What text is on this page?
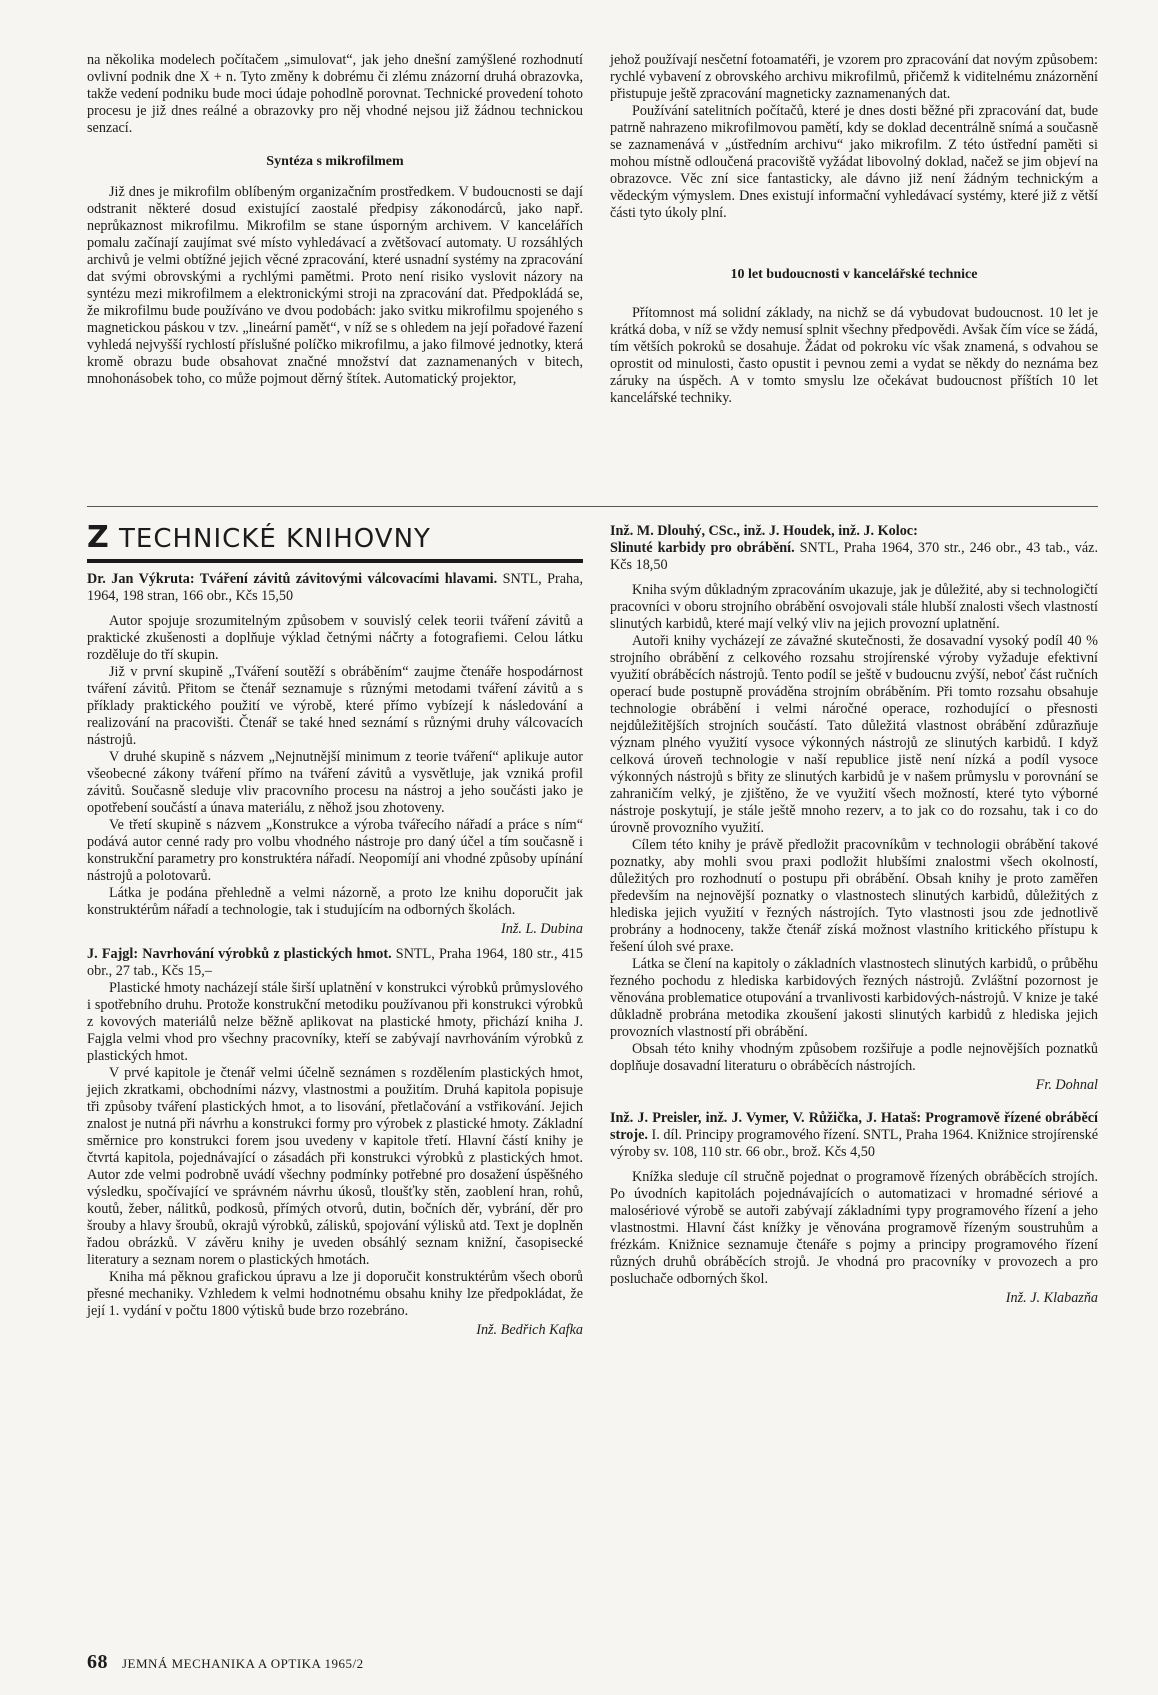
na několika modelech počítačem „simulovat“, jak jeho dnešní zamýšlené rozhodnutí ovlivní podnik dne X + n. Tyto změny k dobrému či zlému znázorní druhá obrazovka, takže vedení podniku bude moci údaje pohodlně porovnat. Technické provedení tohoto procesu je již dnes reálné a obrazovky pro něj vhodné nejsou již žádnou technickou senzací.

Syntéza s mikrofilmem

Již dnes je mikrofilm oblíbeným organizačním prostředkem. V budoucnosti se dají odstranit některé dosud existující zaostalé předpisy zákonodárců, jako např. neprůkaznost mikrofilmu. Mikrofilm se stane úsporným archivem. V kancelářích pomalu začínají zaujímat své místo vyhledávací a zvětšovací automaty. U rozsáhlých archivů je velmi obtížné jejich věcné zpracování, které usnadní systémy na zpracování dat svými obrovskými a rychlými pamětmi. Proto není risiko vyslovit názory na syntézu mezi mikrofilmem a elektronickými stroji na zpracování dat. Předpokládá se, že mikrofilmu bude používáno ve dvou podobách: jako svitku mikrofilmu spojeného s magnetickou páskou v tzv. „lineární pamět“, v níž se s ohledem na její pořadové řazení vyhledá nejvyšší rychlostí příslušné políčko mikrofilmu, a jako filmové jednotky, která kromě obrazu bude obsahovat značné množství dat zaznamenaných v bitech, mnohonásobek toho, co může pojmout děrný štítek. Automatický projektor,

jehož používají nesčetní fotoamatéři, je vzorem pro zpracování dat novým způsobem: rychlé vybavení z obrovského archivu mikrofilmů, přičemž k viditelnému znázornění přistupuje ještě zpracování magneticky zaznamenaných dat.

Používání satelitních počítačů, které je dnes dosti běžné při zpracování dat, bude patrně nahrazeno mikrofilmovou pamětí, kdy se doklad decentrálně snímá a současně se zaznamenává v „ústředním archivu“ jako mikrofilm. Z této ústřední paměti si mohou místně odloučená pracoviště vyžádat libovolný doklad, načež se jim objeví na obrazovce. Věc zní sice fantasticky, ale dávno již není žádným technickým a vědeckým výmyslem. Dnes existují informační vyhledávací systémy, které již z větší části tyto úkoly plní.

10 let budoucnosti v kancelářské technice

Přítomnost má solidní základy, na nichž se dá vybudovat budoucnost. 10 let je krátká doba, v níž se vždy nemusí splnit všechny předpovědi. Avšak čím více se žádá, tím větších pokroků se dosahuje. Žádat od pokroku víc však znamená, s odvahou se oprostit od minulosti, často opustit i pevnou zemi a vydat se někdy do neznáma bez záruky na úspěch. A v tomto smyslu lze očekávat budoucnost příštích 10 let kancelářské techniky.

Z TECHNICKÉ KNIHOVNY

Dr. Jan Výkruta: Tváření závitů závitovými válcovacími hlavami. SNTL, Praha, 1964, 198 stran, 166 obr., Kčs 15,50

Autor spojuje srozumitelným způsobem v souvislý celek teorii tváření závitů a praktické zkušenosti a doplňuje výklad četnými náčrty a fotografiemi. Celou látku rozděluje do tří skupin.

Již v první skupině „Tváření soutěží s obráběním“ zaujme čtenáře hospodárnost tváření závitů. Přitom se čtenář seznamuje s různými metodami tváření závitů a s příklady praktického použití ve výrobě, které přímo vybízejí k následování a realizování na pracovišti. Čtenář se také hned seznámí s různými druhy válcovacích nástrojů.

V druhé skupině s názvem „Nejnutnější minimum z teorie tváření“ aplikuje autor všeobecné zákony tváření přímo na tváření závitů a vysvětluje, jak vzniká profil závitů. Současně sleduje vliv pracovního procesu na nástroj a jeho součásti jako je opotřebení součástí a únava materiálu, z něhož jsou zhotoveny.

Ve třetí skupině s názvem „Konstrukce a výroba tvářecího nářadí a práce s ním“ podává autor cenné rady pro volbu vhodného nástroje pro daný účel a tím současně i konstrukční parametry pro konstruktéra nářadí. Neopomíjí ani vhodné způsoby upínání nástrojů a polotovarů.

Látka je podána přehledně a velmi názorně, a proto lze knihu doporučit jak konstruktérům nářadí a technologie, tak i studujícím na odborných školách.

Inž. L. Dubina

J. Fajgl: Navrhování výrobků z plastických hmot. SNTL, Praha 1964, 180 str., 415 obr., 27 tab., Kčs 15,–

Plastické hmoty nacházejí stále širší uplatnění v konstrukci výrobků průmyslového i spotřebního druhu. Protože konstrukční metodiku používanou při konstrukci výrobků z kovových materiálů nelze běžně aplikovat na plastické hmoty, přichází kniha J. Fajgla velmi vhod pro všechny pracovníky, kteří se zabývají navrhováním výrobků z plastických hmot.

V prvé kapitole je čtenář velmi účelně seznámen s rozdělením plastických hmot, jejich zkratkami, obchodními názvy, vlastnostmi a použitím. Druhá kapitola popisuje tři způsoby tváření plastických hmot, a to lisování, přetlačování a vstřikování. Jejich znalost je nutná při návrhu a konstrukci formy pro výrobek z plastické hmoty. Základní směrnice pro konstrukci forem jsou uvedeny v kapitole třetí. Hlavní částí knihy je čtvrtá kapitola, pojednávající o zásadách při konstrukci výrobků z plastických hmot. Autor zde velmi podrobně uvádí všechny podmínky potřebné pro dosažení úspěšného výsledku, spočívající ve správném návrhu úkosů, tloušťky stěn, zaoblení hran, rohů, koutů, žeber, nálitků, podkosů, přímých otvorů, dutin, bočních děr, vybrání, děr pro šrouby a hlavy šroubů, okrajů výrobků, zálisků, spojování výlisků atd. Text je doplněn řadou obrázků. V závěru knihy je uveden obsáhlý seznam knižní, časopisecké literatury a seznam norem o plastických hmotách.

Kniha má pěknou grafickou úpravu a lze ji doporučit konstruktérům všech oborů přesné mechaniky. Vzhledem k velmi hodnotnému obsahu knihy lze předpokládat, že její 1. vydání v počtu 1800 výtisků bude brzo rozebráno.

Inž. Bedřich Kafka

Inž. M. Dlouhý, CSc., inž. J. Houdek, inž. J. Koloc:
Slinuté karbidy pro obrábění. SNTL, Praha 1964, 370 str., 246 obr., 43 tab., váz. Kčs 18,50

Kniha svým důkladným zpracováním ukazuje, jak je důležité, aby si technologičtí pracovníci v oboru strojního obrábění osvojovali stále hlubší znalosti všech vlastností slinutých karbidů, které mají velký vliv na jejich provozní uplatnění.

Autoři knihy vycházejí ze závažné skutečnosti, že dosavadní vysoký podíl 40 % strojního obrábění z celkového rozsahu strojírenské výroby vyžaduje efektivní využití obráběcích nástrojů. Tento podíl se ještě v budoucnu zvýší, neboť část ručních operací bude postupně prováděna strojním obráběním. Při tomto rozsahu obsahuje technologie obrábění i velmi náročné operace, rozhodující o přesnosti nejdůležitějších strojních součástí. Tato důležitá vlastnost obrábění zdůrazňuje význam plného využití vysoce výkonných nástrojů ze slinutých karbidů. I když celková úroveň technologie v naší republice jistě není nízká a podíl vysoce výkonných nástrojů s břity ze slinutých karbidů je v našem průmyslu v porovnání se zahraničím velký, je zjištěno, že ve využití všech možností, které tyto výborné nástroje poskytují, je stále ještě mnoho rezerv, a to jak co do rozsahu, tak i co do úrovně provozního využití.

Cílem této knihy je právě předložit pracovníkům v technologii obrábění takové poznatky, aby mohli svou praxi podložit hlubšími znalostmi všech okolností, důležitých pro rozhodnutí o postupu při obrábění. Obsah knihy je proto zaměřen především na nejnovější poznatky o vlastnostech slinutých karbidů, důležitých z hlediska jejich využití v řezných nástrojích. Tyto vlastnosti jsou zde jednotlivě probrány a hodnoceny, takže čtenář získá možnost vlastního kritického přístupu k řešení úloh své praxe.

Látka se člení na kapitoly o základních vlastnostech slinutých karbidů, o průběhu řezného pochodu z hlediska karbidových řezných nástrojů. Zvláštní pozornost je věnována problematice otupování a trvanlivosti karbidových-nástrojů. V knize je také důkladně probrána metodika zkoušení jakosti slinutých karbidů z hlediska jejich provozních vlastností při obrábění.

Obsah této knihy vhodným způsobem rozšiřuje a podle nejnovějších poznatků doplňuje dosavadní literaturu o obráběcích nástrojích.

Fr. Dohnal

Inž. J. Preisler, inž. J. Vymer, V. Růžička, J. Hataš: Programově řízené obráběcí stroje. I. díl. Principy programového řízení. SNTL, Praha 1964. Knižnice strojírenské výroby sv. 108, 110 str. 66 obr., brož. Kčs 4,50

Knížka sleduje cíl stručně pojednat o programově řízených obráběcích strojích. Po úvodních kapitolách pojednávajících o automatizaci v hromadné sériové a malosériové výrobě se autoři zabývají základními typy programového řízení a jeho vlastnostmi. Hlavní část knížky je věnována programově řízeným soustruhům a frézkám. Knižnice seznamuje čtenáře s pojmy a principy programového řízení různých druhů obráběcích strojů. Je vhodná pro pracovníky v provozech a pro posluchače odborných škol.

Inž. J. Klabazňa
68 JEMNÁ MECHANIKA A OPTIKA 1965/2
